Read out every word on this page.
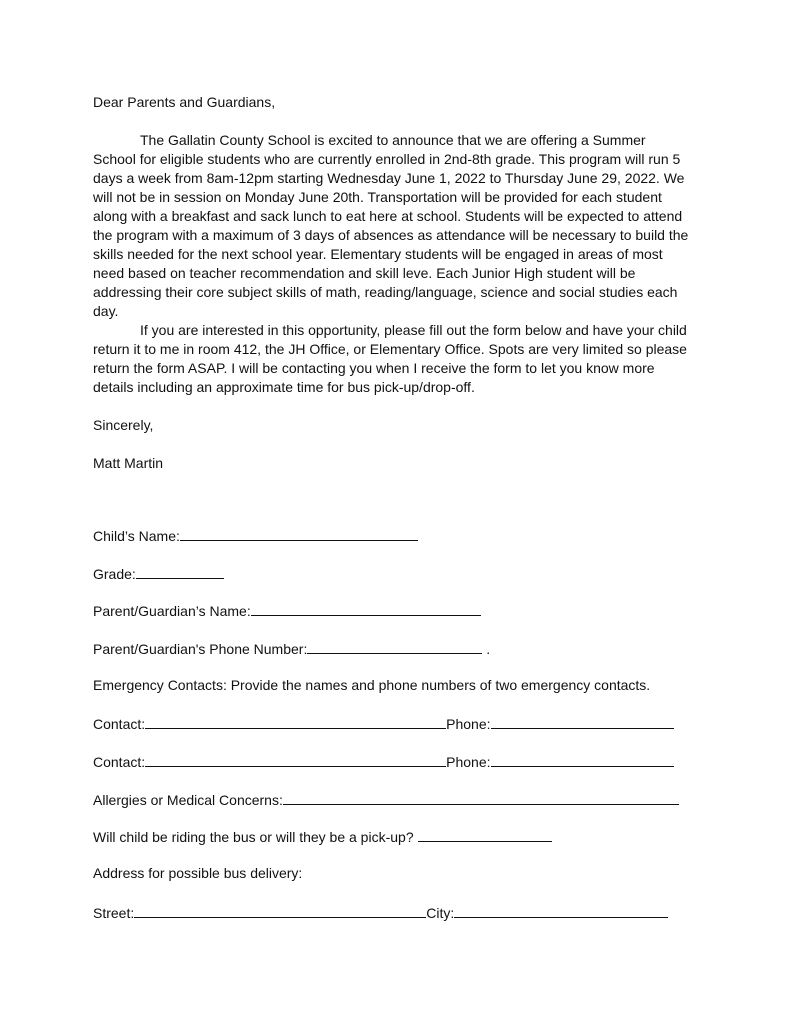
Dear Parents and Guardians,
The Gallatin County School is excited to announce that we are offering a Summer
School for eligible students who are currently enrolled in 2nd-8th grade. This program will run 5
days a week from 8am-12pm starting Wednesday June 1, 2022 to Thursday June 29, 2022. We
will not be in session on Monday June 20th. Transportation will be provided for each student
along with a breakfast and sack lunch to eat here at school. Students will be expected to attend
the program with a maximum of 3 days of absences as attendance will be necessary to build the
skills needed for the next school year. Elementary students will be engaged in areas of most
need based on teacher recommendation and skill leve. Each Junior High student will be
addressing their core subject skills of math, reading/language, science and social studies each
day.
If you are interested in this opportunity, please fill out the form below and have your child
return it to me in room 412, the JH Office, or Elementary Office. Spots are very limited so please
return the form ASAP. I will be contacting you when I receive the form to let you know more
details including an approximate time for bus pick-up/drop-off.
Sincerely,
Matt Martin
Child’s Name:
Grade:
Parent/Guardian’s Name:
Parent/Guardian's Phone Number:	.
Emergency Contacts: Provide the names and phone numbers of two emergency contacts.
Contact:	Phone:
Contact:	Phone:
Allergies or Medical Concerns:
Will child be riding the bus or will they be a pick-up?
Address for possible bus delivery:
Street:	City:
